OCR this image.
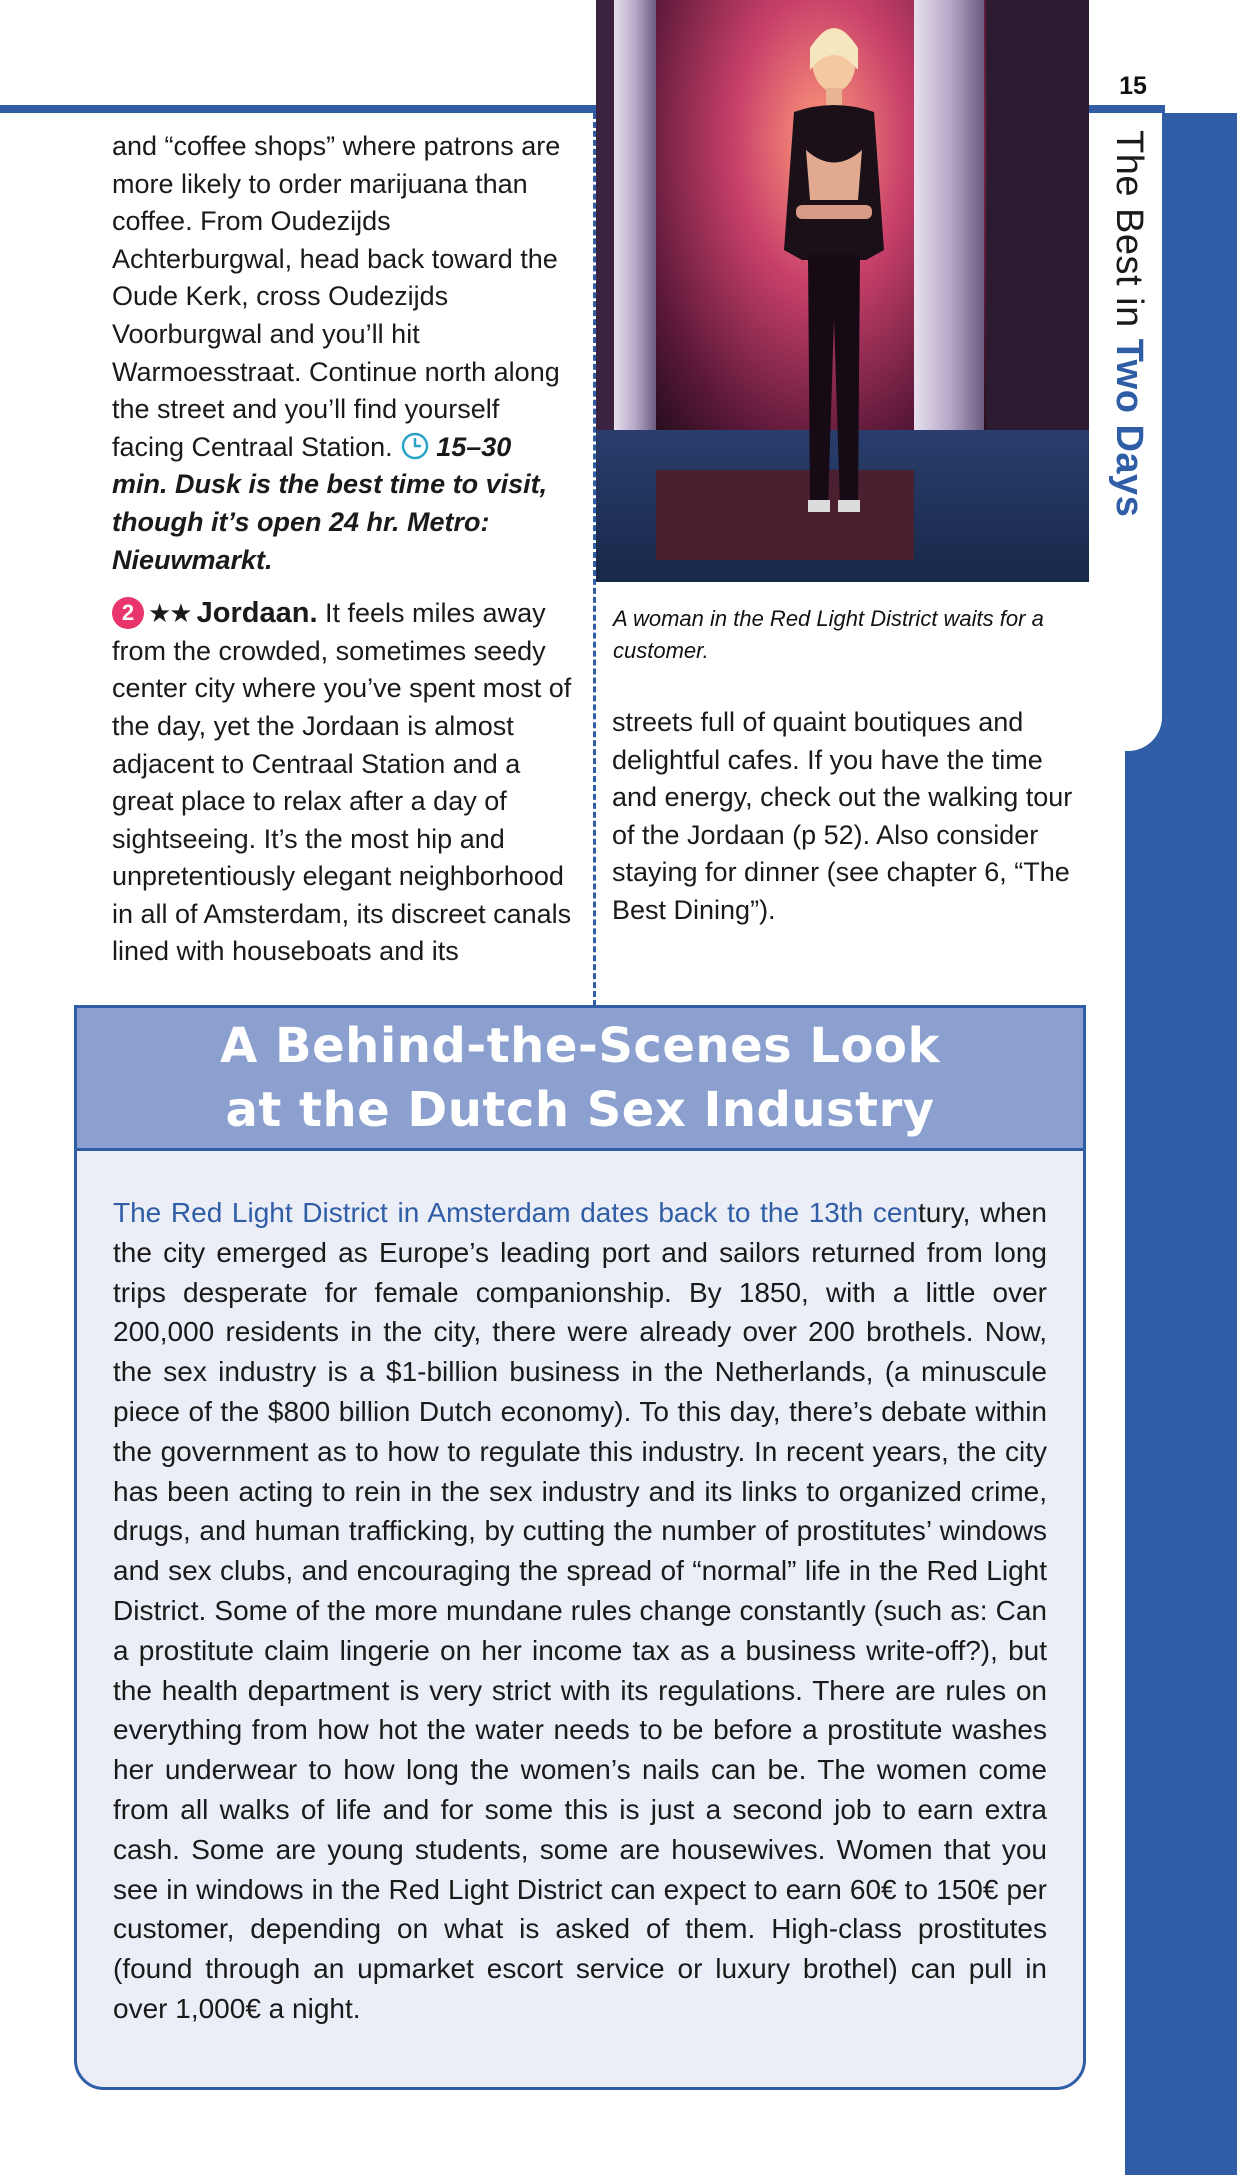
15
The Best in Two Days
A woman in the Red Light District waits for a customer.

and “coffee shops” where patrons are more likely to order marijuana than coffee. From Oudezijds Achterburgwal, head back toward the Oude Kerk, cross Oudezijds Voorburgwal and you’ll hit Warmoesstraat. Continue north along the street and you’ll find yourself facing Centraal Station. 15–30 min. Dusk is the best time to visit, though it’s open 24 hr. Metro: Nieuwmarkt.

2 ★★ Jordaan. It feels miles away from the crowded, sometimes seedy center city where you’ve spent most of the day, yet the Jordaan is almost adjacent to Centraal Station and a great place to relax after a day of sightseeing. It’s the most hip and unpretentiously elegant neighborhood in all of Amsterdam, its discreet canals lined with houseboats and its

streets full of quaint boutiques and delightful cafes. If you have the time and energy, check out the walking tour of the Jordaan (p 52). Also consider staying for dinner (see chapter 6, “The Best Dining”).

A Behind-the-Scenes Look
at the Dutch Sex Industry
The Red Light District in Amsterdam dates back to the 13th century, when the city emerged as Europe’s leading port and sailors returned from long trips desperate for female companionship. By 1850, with a little over 200,000 residents in the city, there were already over 200 brothels. Now, the sex industry is a $1-billion business in the Netherlands, (a minuscule piece of the $800 billion Dutch economy). To this day, there’s debate within the government as to how to regulate this industry. In recent years, the city has been acting to rein in the sex industry and its links to organized crime, drugs, and human trafficking, by cutting the number of prostitutes’ windows and sex clubs, and encouraging the spread of “normal” life in the Red Light District. Some of the more mundane rules change constantly (such as: Can a prostitute claim lingerie on her income tax as a business write-off?), but the health department is very strict with its regulations. There are rules on everything from how hot the water needs to be before a prostitute washes her underwear to how long the women’s nails can be. The women come from all walks of life and for some this is just a second job to earn extra cash. Some are young students, some are housewives. Women that you see in windows in the Red Light District can expect to earn 60€ to 150€ per customer, depending on what is asked of them. High-class prostitutes (found through an upmarket escort service or luxury brothel) can pull in over 1,000€ a night.
